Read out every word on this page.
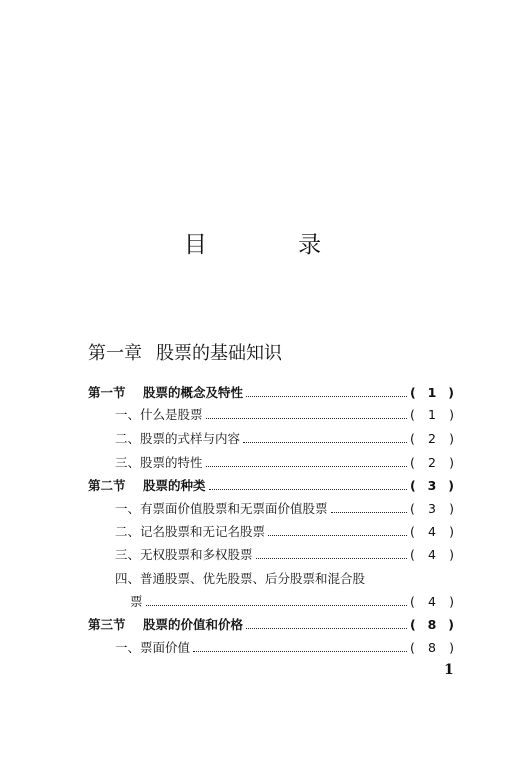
目 录
第一章 股票的基础知识
第一节 股票的概念及特性	( 1 )
一、什么是股票	( 1 )
二、股票的式样与内容	( 2 )
三、股票的特性	( 2 )
第二节 股票的种类	( 3 )
一、有票面价值股票和无票面价值股票	( 3 )
二、记名股票和无记名股票	( 4 )
三、无权股票和多权股票	( 4 )
四、普通股票、优先股票、后分股票和混合股
票	( 4 )
第三节 股票的价值和价格	( 8 )
一、票面价值	( 8 )
1
